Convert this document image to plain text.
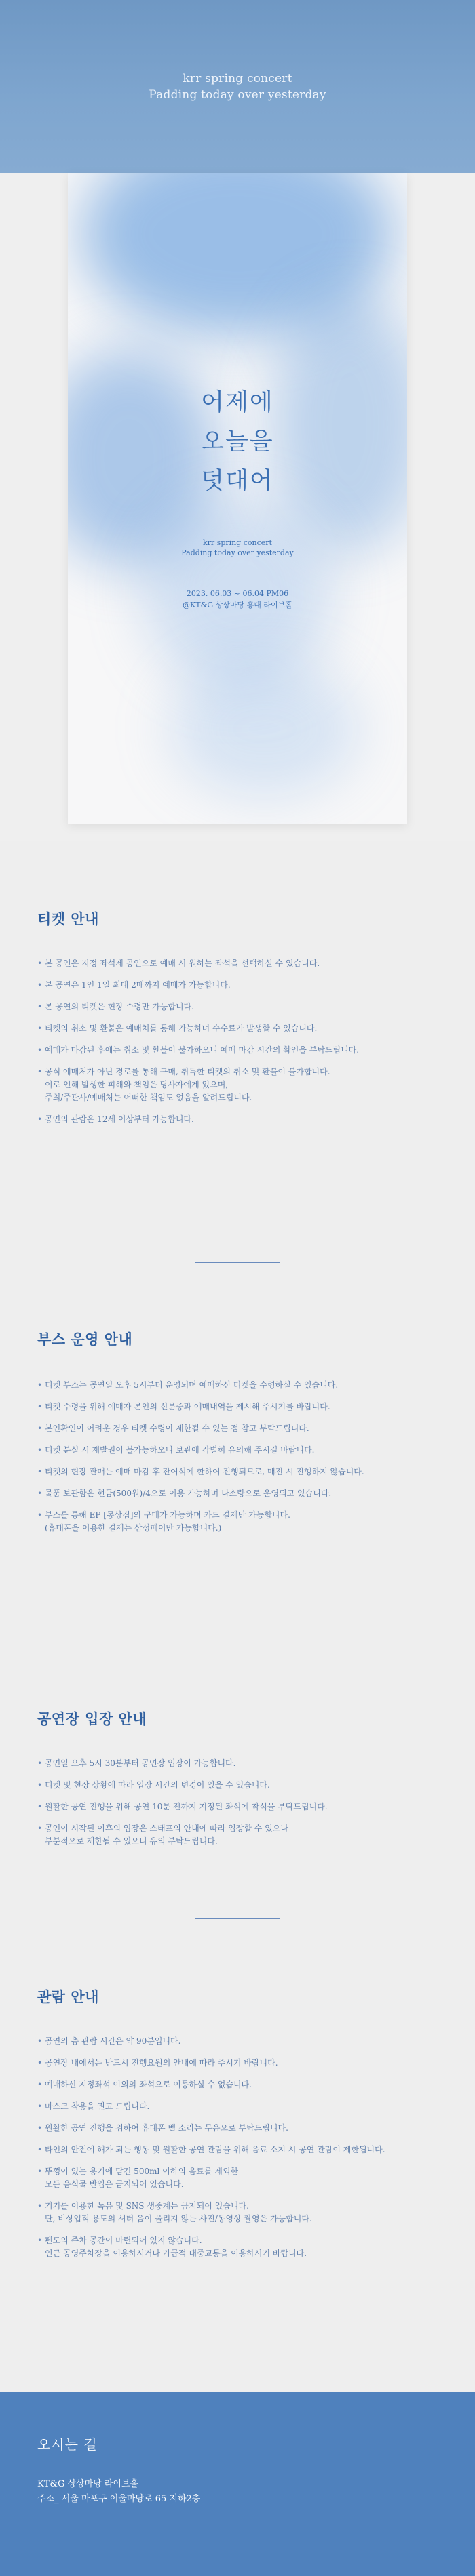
krr spring concert
Padding today over yesterday
어제에
오늘을
덧대어
krr spring concert
Padding today over yesterday
2023. 06.03 ~ 06.04 PM06
@KT&G 상상마당 홍대 라이브홀
티켓 안내
• 본 공연은 지정 좌석제 공연으로 예매 시 원하는 좌석을 선택하실 수 있습니다.
• 본 공연은 1인 1일 최대 2매까지 예매가 가능합니다.
• 본 공연의 티켓은 현장 수령만 가능합니다.
• 티켓의 취소 및 환불은 예매처를 통해 가능하며 수수료가 발생할 수 있습니다.
• 예매가 마감된 후에는 취소 및 환불이 불가하오니 예매 마감 시간의 확인을 부탁드립니다.
• 공식 예매처가 아닌 경로를 통해 구매, 취득한 티켓의 취소 및 환불이 불가합니다.
이로 인해 발생한 피해와 책임은 당사자에게 있으며,
주최/주관사/예매처는 어떠한 책임도 없음을 알려드립니다.
• 공연의 관람은 12세 이상부터 가능합니다.
부스 운영 안내
• 티켓 부스는 공연일 오후 5시부터 운영되며 예매하신 티켓을 수령하실 수 있습니다.
• 티켓 수령을 위해 예매자 본인의 신분증과 예매내역을 제시해 주시기를 바랍니다.
• 본인확인이 어려운 경우 티켓 수령이 제한될 수 있는 점 참고 부탁드립니다.
• 티켓 분실 시 재발권이 불가능하오니 보관에 각별히 유의해 주시길 바랍니다.
• 티켓의 현장 판매는 예매 마감 후 잔여석에 한하여 진행되므로, 매진 시 진행하지 않습니다.
• 물품 보관함은 현금(500원)/4으로 이용 가능하며 나소량으로 운영되고 있습니다.
• 부스를 통해 EP [몽상집]의 구매가 가능하며 카드 결제만 가능합니다.
(휴대폰을 이용한 결제는 삼성페이만 가능합니다.)
공연장 입장 안내
• 공연일 오후 5시 30분부터 공연장 입장이 가능합니다.
• 티켓 및 현장 상황에 따라 입장 시간의 변경이 있을 수 있습니다.
• 원활한 공연 진행을 위해 공연 10분 전까지 지정된 좌석에 착석을 부탁드립니다.
• 공연이 시작된 이후의 입장은 스태프의 안내에 따라 입장할 수 있으나
부분적으로 제한될 수 있으니 유의 부탁드립니다.
관람 안내
• 공연의 총 관람 시간은 약 90분입니다.
• 공연장 내에서는 반드시 진행요원의 안내에 따라 주시기 바랍니다.
• 예매하신 지정좌석 이외의 좌석으로 이동하실 수 없습니다.
• 마스크 착용을 권고 드립니다.
• 원활한 공연 진행을 위하여 휴대폰 벨 소리는 무음으로 부탁드립니다.
• 타인의 안전에 해가 되는 행동 및 원활한 공연 관람을 위해 음료 소지 시 공연 관람이 제한됩니다.
• 뚜껑이 있는 용기에 담긴 500ml 이하의 음료를 제외한
모든 음식물 반입은 금지되어 있습니다.
• 기기를 이용한 녹음 및 SNS 생중계는 금지되어 있습니다.
단, 비상업적 용도의 셔터 음이 울리지 않는 사진/동영상 촬영은 가능합니다.
• 펜도의 주차 공간이 마련되어 있지 않습니다.
인근 공영주차장을 이용하시거나 가급적 대중교통을 이용하시기 바랍니다.
오시는 길
KT&G 상상마당 라이브홀
주소_ 서울 마포구 어울마당로 65 지하2층
